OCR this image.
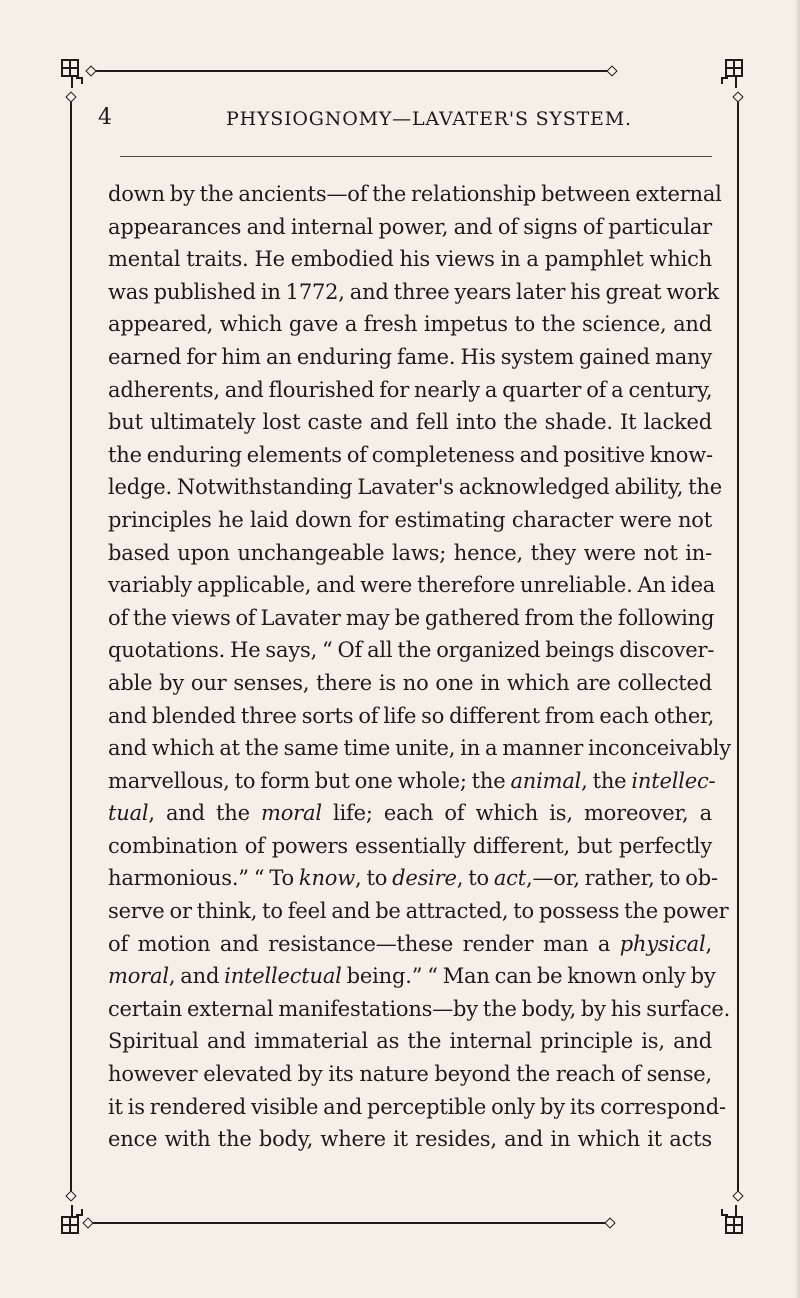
4	PHYSIOGNOMY—LAVATER'S SYSTEM.
down by the ancients—of the relationship between external
appearances and internal power, and of signs of particular
mental traits. He embodied his views in a pamphlet which
was published in 1772, and three years later his great work
appeared, which gave a fresh impetus to the science, and
earned for him an enduring fame. His system gained many
adherents, and flourished for nearly a quarter of a century,
but ultimately lost caste and fell into the shade. It lacked
the enduring elements of completeness and positive know-
ledge. Notwithstanding Lavater's acknowledged ability, the
principles he laid down for estimating character were not
based upon unchangeable laws; hence, they were not in-
variably applicable, and were therefore unreliable. An idea
of the views of Lavater may be gathered from the following
quotations. He says, “ Of all the organized beings discover-
able by our senses, there is no one in which are collected
and blended three sorts of life so different from each other,
and which at the same time unite, in a manner inconceivably
marvellous, to form but one whole; the animal, the intellec-
tual, and the moral life; each of which is, moreover, a
combination of powers essentially different, but perfectly
harmonious.” “ To know, to desire, to act,—or, rather, to ob-
serve or think, to feel and be attracted, to possess the power
of motion and resistance—these render man a physical,
moral, and intellectual being.” “ Man can be known only by
certain external manifestations—by the body, by his surface.
Spiritual and immaterial as the internal principle is, and
however elevated by its nature beyond the reach of sense,
it is rendered visible and perceptible only by its correspond-
ence with the body, where it resides, and in which it acts
